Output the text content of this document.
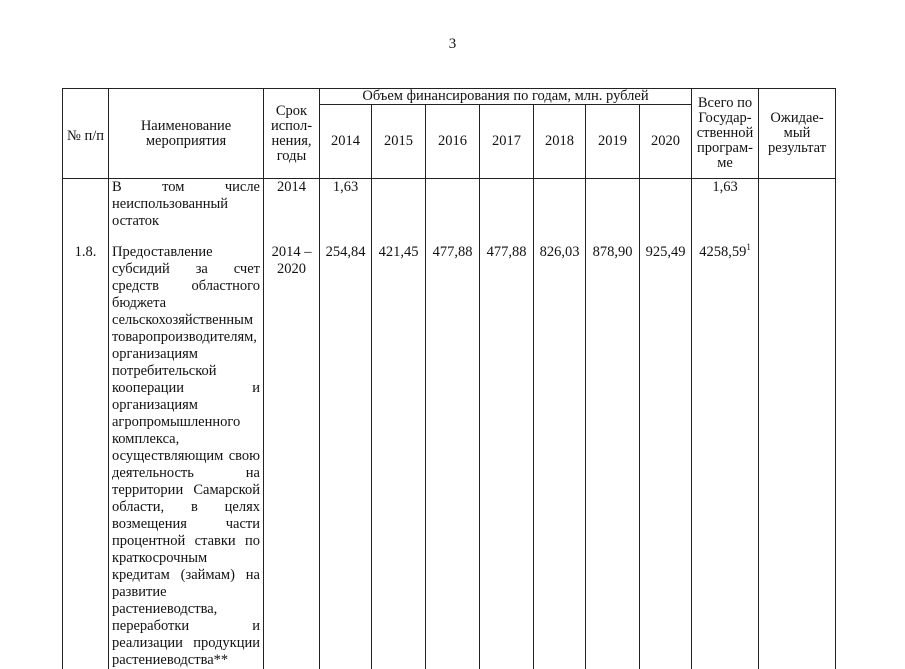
3
№ п/п	Наименование мероприятия	Срок испол-нения, годы	Объем финансирования по годам, млн. рублей							Всего по Государ-ственной програм-ме	Ожидае-мый результат
			2014	2015	2016	2017	2018	2019	2020		
	В том числе неиспользованный остаток	2014	1,63							1,63	
1.8.	Предоставление субсидий за счет средств областного бюджета сельскохозяйственным товаропроизводителям, организациям потребительской кооперации и организациям агропромышленного комплекса, осуществляющим свою деятельность на территории Самарской области, в целях возмещения части процентной ставки по краткосрочным кредитам (займам) на развитие растениеводства, переработки и реализации продукции растениеводства**	2014 – 2020	254,84	421,45	477,88	477,88	826,03	878,90	925,49	4258,59$^1$	
